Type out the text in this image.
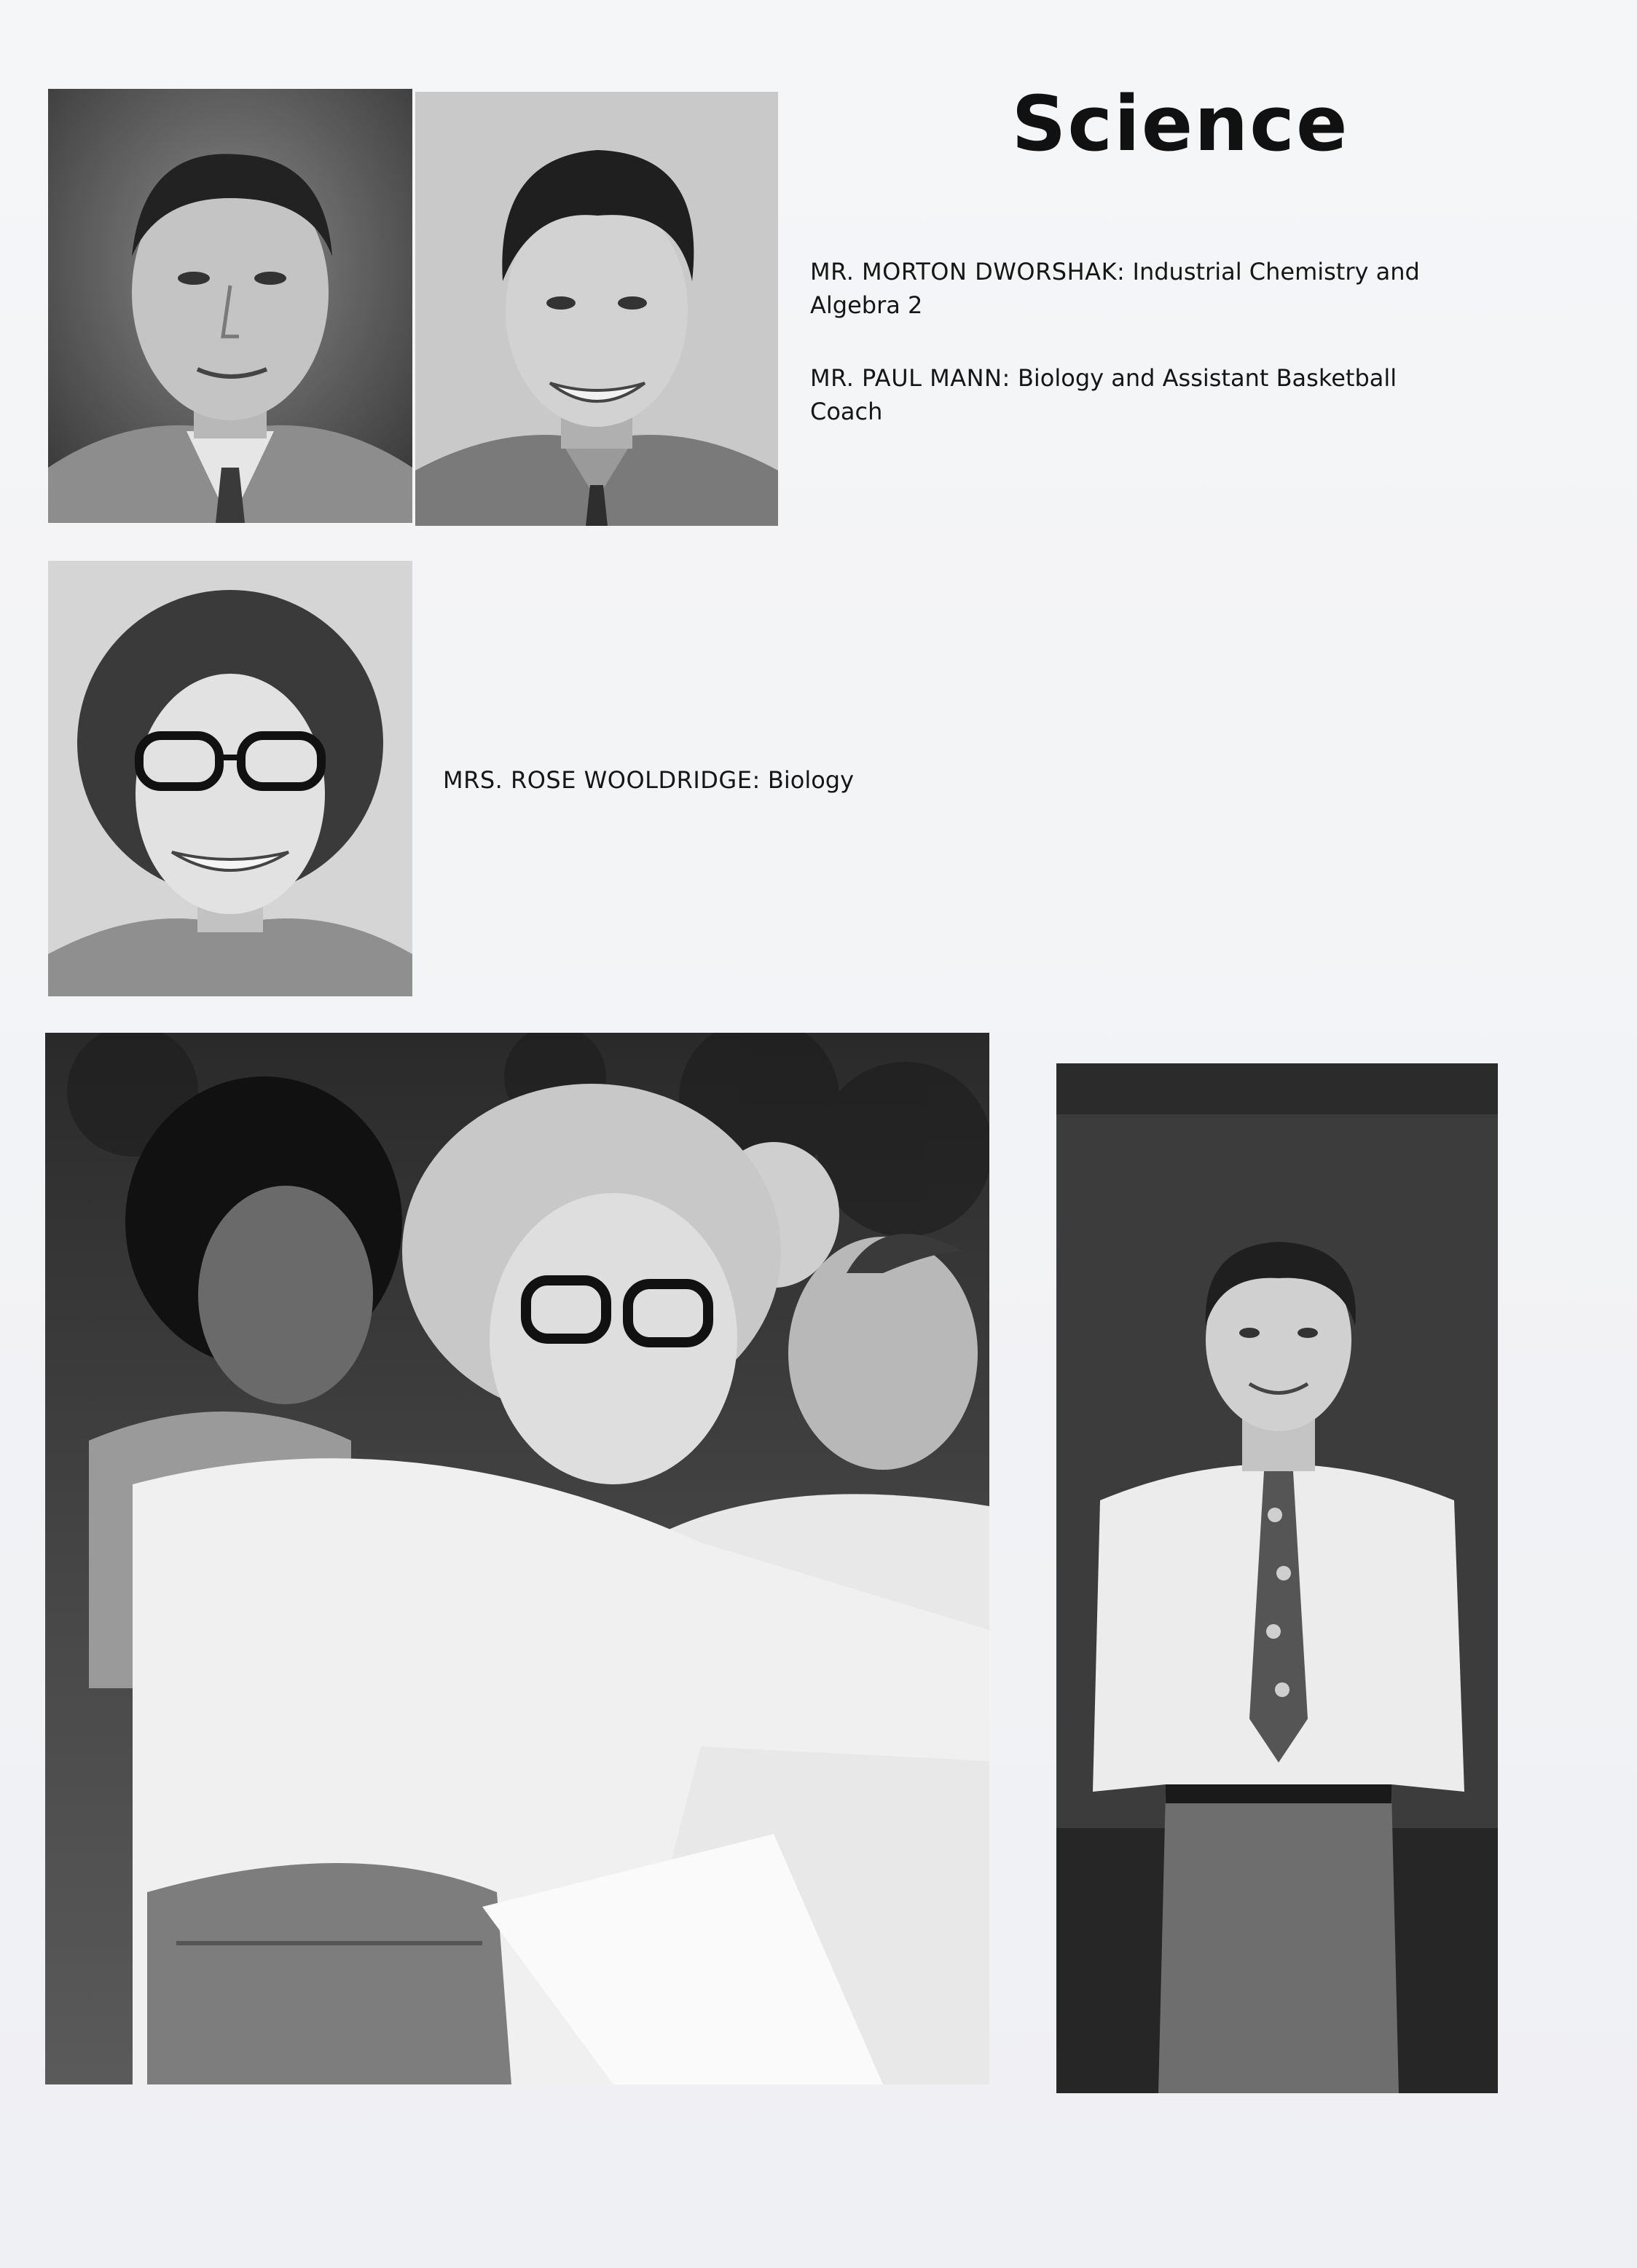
Science

MR. MORTON DWORSHAK: Industrial Chemistry and
Algebra 2

MR. PAUL MANN: Biology and Assistant Basketball
Coach

MRS. ROSE WOOLDRIDGE: Biology
